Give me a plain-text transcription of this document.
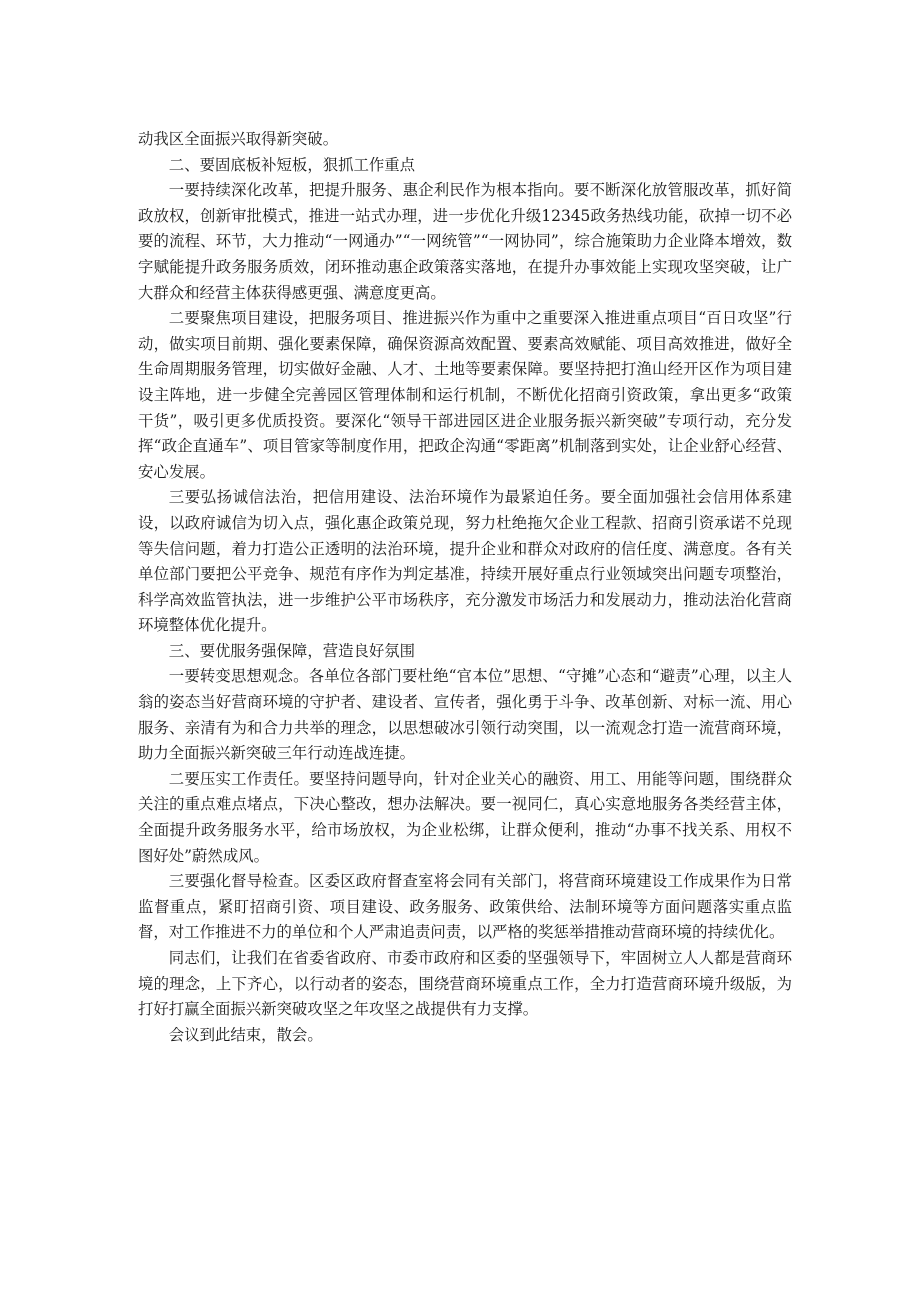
动我区全面振兴取得新突破。

二、要固底板补短板，狠抓工作重点

一要持续深化改革，把提升服务、惠企利民作为根本指向。要不断深化放管服改革，抓好简政放权，创新审批模式，推进一站式办理，进一步优化升级12345政务热线功能，砍掉一切不必要的流程、环节，大力推动“一网通办”“一网统管”“一网协同”，综合施策助力企业降本增效，数字赋能提升政务服务质效，闭环推动惠企政策落实落地，在提升办事效能上实现攻坚突破，让广大群众和经营主体获得感更强、满意度更高。

二要聚焦项目建设，把服务项目、推进振兴作为重中之重要深入推进重点项目“百日攻坚”行动，做实项目前期、强化要素保障，确保资源高效配置、要素高效赋能、项目高效推进，做好全生命周期服务管理，切实做好金融、人才、土地等要素保障。要坚持把打渔山经开区作为项目建设主阵地，进一步健全完善园区管理体制和运行机制，不断优化招商引资政策，拿出更多“政策干货”，吸引更多优质投资。要深化“领导干部进园区进企业服务振兴新突破”专项行动，充分发挥“政企直通车”、项目管家等制度作用，把政企沟通“零距离”机制落到实处，让企业舒心经营、安心发展。

三要弘扬诚信法治，把信用建设、法治环境作为最紧迫任务。要全面加强社会信用体系建设，以政府诚信为切入点，强化惠企政策兑现，努力杜绝拖欠企业工程款、招商引资承诺不兑现等失信问题，着力打造公正透明的法治环境，提升企业和群众对政府的信任度、满意度。各有关单位部门要把公平竞争、规范有序作为判定基准，持续开展好重点行业领域突出问题专项整治，科学高效监管执法，进一步维护公平市场秩序，充分激发市场活力和发展动力，推动法治化营商环境整体优化提升。

三、要优服务强保障，营造良好氛围

一要转变思想观念。各单位各部门要杜绝“官本位”思想、“守摊”心态和“避责”心理，以主人翁的姿态当好营商环境的守护者、建设者、宣传者，强化勇于斗争、改革创新、对标一流、用心服务、亲清有为和合力共举的理念，以思想破冰引领行动突围，以一流观念打造一流营商环境，助力全面振兴新突破三年行动连战连捷。

二要压实工作责任。要坚持问题导向，针对企业关心的融资、用工、用能等问题，围绕群众关注的重点难点堵点，下决心整改，想办法解决。要一视同仁，真心实意地服务各类经营主体，全面提升政务服务水平，给市场放权，为企业松绑，让群众便利，推动“办事不找关系、用权不图好处”蔚然成风。

三要强化督导检查。区委区政府督查室将会同有关部门，将营商环境建设工作成果作为日常监督重点，紧盯招商引资、项目建设、政务服务、政策供给、法制环境等方面问题落实重点监督，对工作推进不力的单位和个人严肃追责问责，以严格的奖惩举措推动营商环境的持续优化。

同志们，让我们在省委省政府、市委市政府和区委的坚强领导下，牢固树立人人都是营商环境的理念，上下齐心，以行动者的姿态，围绕营商环境重点工作，全力打造营商环境升级版，为打好打赢全面振兴新突破攻坚之年攻坚之战提供有力支撑。

会议到此结束，散会。
